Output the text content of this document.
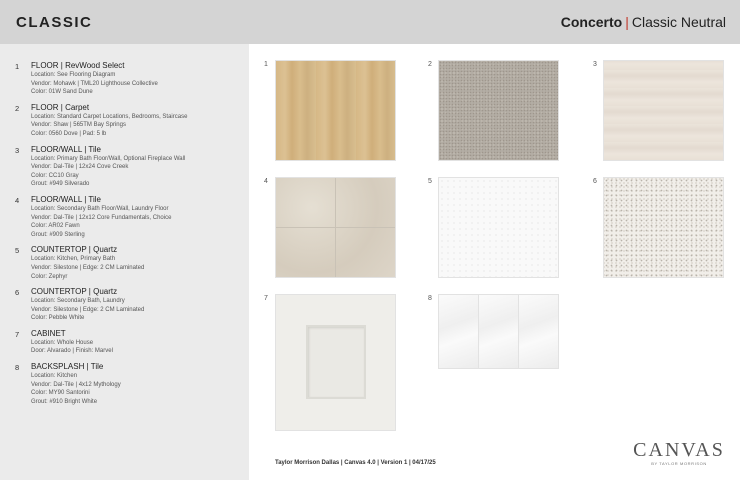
CLASSIC	Concerto | Classic Neutral
1	FLOOR | RevWood Select
Location: See Flooring Diagram
Vendor: Mohawk | TML20 Lighthouse Collective
Color: 01W Sand Dune
2	FLOOR | Carpet
Location: Standard Carpet Locations, Bedrooms, Staircase
Vendor: Shaw | 565TM Bay Springs
Color: 0560 Dove | Pad: 5 lb
3	FLOOR/WALL | Tile
Location: Primary Bath Floor/Wall, Optional Fireplace Wall
Vendor: Dal-Tile | 12x24 Cove Creek
Color: CC10 Gray
Grout: #949 Silverado
4	FLOOR/WALL | Tile
Location: Secondary Bath Floor/Wall, Laundry Floor
Vendor: Dal-Tile | 12x12 Core Fundamentals, Choice
Color: AR02 Fawn
Grout: #909 Sterling
5	COUNTERTOP | Quartz
Location: Kitchen, Primary Bath
Vendor: Silestone | Edge: 2 CM Laminated
Color: Zephyr
6	COUNTERTOP | Quartz
Location: Secondary Bath, Laundry
Vendor: Silestone | Edge: 2 CM Laminated
Color: Pebble White
7	CABINET
Location: Whole House
Door: Alvarado | Finish: Marvel
8	BACKSPLASH | Tile
Location: Kitchen
Vendor: Dal-Tile | 4x12 Mythology
Color: MY90 Santorini
Grout: #910 Bright White
1	2	3
4	5	6
7	8
Taylor Morrison Dallas | Canvas 4.0 | Version 1 | 04/17/25
CANVAS
BY TAYLOR MORRISON
